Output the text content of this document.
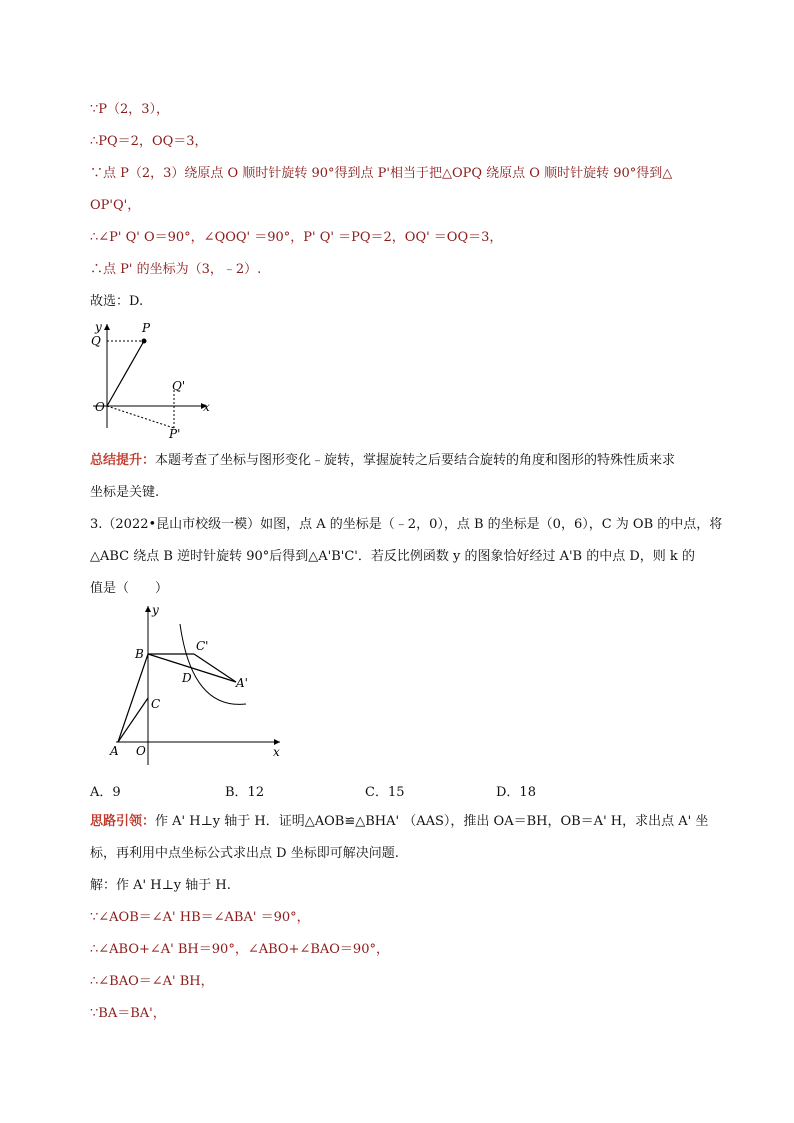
∵P（2，3），
∴PQ＝2，OQ＝3，
∵点 P（2，3）绕原点 O 顺时针旋转 90°得到点 P'相当于把△OPQ 绕原点 O 顺时针旋转 90°得到△
OP'Q'，
∴∠P' Q' O＝90°，∠QOQ' ＝90°，P' Q' ＝PQ＝2，OQ' ＝OQ＝3，
∴点 P' 的坐标为（3，﹣2）.
故选：D.
y	P
Q
Q'
O	x
P'
总结提升：本题考查了坐标与图形变化﹣旋转，掌握旋转之后要结合旋转的角度和图形的特殊性质来求
坐标是关键.
3.（2022•昆山市校级一模）如图，点 A 的坐标是（﹣2，0），点 B 的坐标是（0，6），C 为 OB 的中点，将
△ABC 绕点 B 逆时针旋转 90°后得到△A'B'C'．若反比例函数 y 的图象恰好经过 A'B 的中点 D，则 k 的
值是（　　）
y
B
C'
D	A'
C
A O	x
A．9	B．12	C．15	D．18
思路引领：作 A' H⊥y 轴于 H．证明△AOB≌△BHA' （AAS），推出 OA＝BH，OB＝A' H，求出点 A' 坐
标，再利用中点坐标公式求出点 D 坐标即可解决问题.
解：作 A' H⊥y 轴于 H.
∵∠AOB＝∠A' HB＝∠ABA' ＝90°，
∴∠ABO+∠A' BH＝90°，∠ABO+∠BAO＝90°，
∴∠BAO＝∠A' BH，
∵BA＝BA'，
